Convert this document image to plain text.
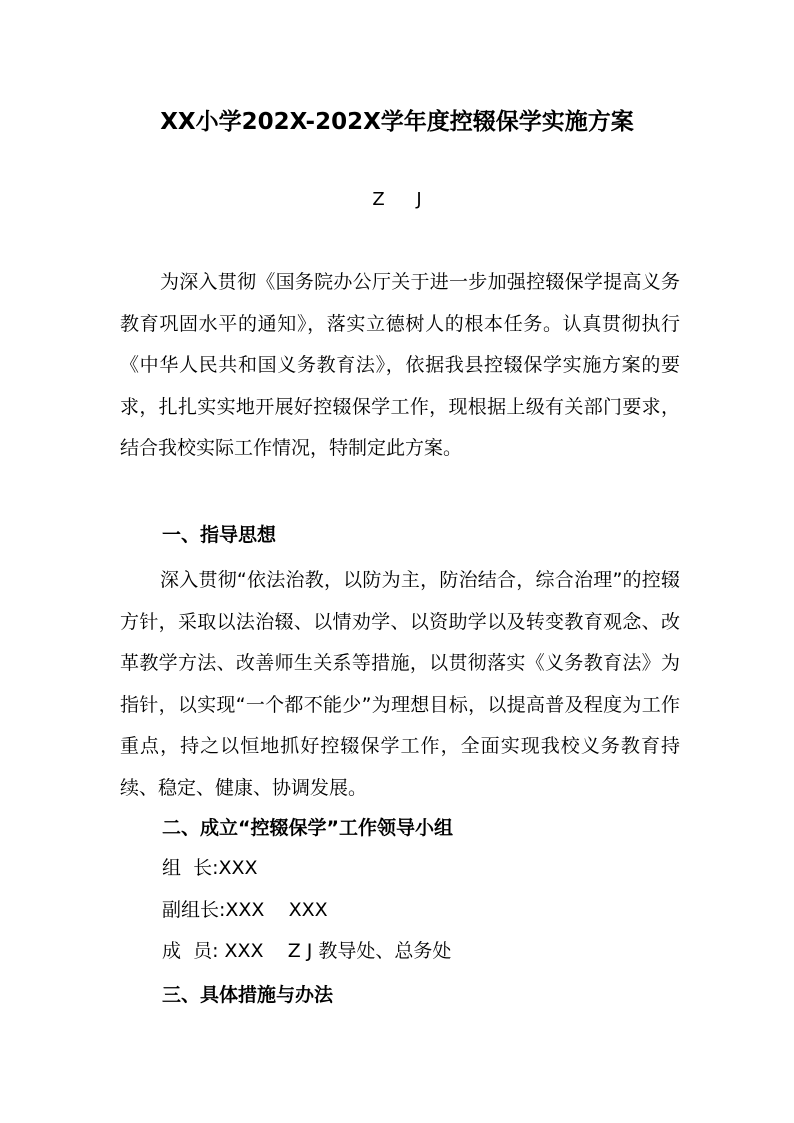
XX小学202X-202X学年度控辍保学实施方案
Z J
为深入贯彻《国务院办公厅关于进一步加强控辍保学提高义务教育巩固水平的通知》，落实立德树人的根本任务。认真贯彻执行《中华人民共和国义务教育法》，依据我县控辍保学实施方案的要求，扎扎实实地开展好控辍保学工作，现根据上级有关部门要求，结合我校实际工作情况，特制定此方案。
一、指导思想
深入贯彻“依法治教，以防为主，防治结合，综合治理”的控辍方针，采取以法治辍、以情劝学、以资助学以及转变教育观念、改革教学方法、改善师生关系等措施，以贯彻落实《义务教育法》为指针，以实现“一个都不能少”为理想目标，以提高普及程度为工作重点，持之以恒地抓好控辍保学工作，全面实现我校义务教育持续、稳定、健康、协调发展。
二、成立“控辍保学”工作领导小组
组  长:XXX
副组长:XXX    XXX
成  员: XXX    Z J 教导处、总务处
三、具体措施与办法
